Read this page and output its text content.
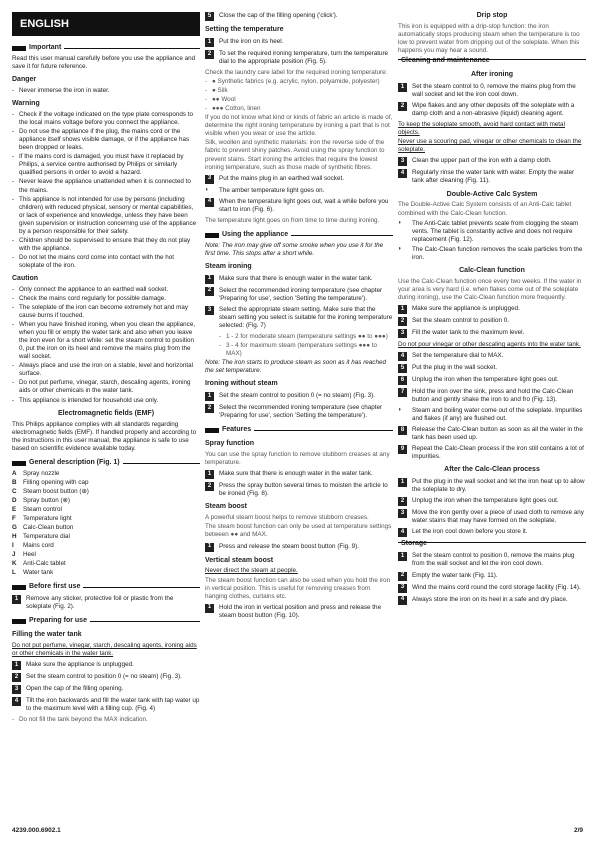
ENGLISH
Important
Read this user manual carefully before you use the appliance and save it for future reference.
Danger
- Never immerse the iron in water.
Warning
- Check if the voltage indicated on the type plate corresponds to the local mains voltage before you connect the appliance.
- Do not use the appliance if the plug, the mains cord or the appliance itself shows visible damage, or if the appliance has been dropped or leaks.
- If the mains cord is damaged, you must have it replaced by Philips, a service centre authorised by Philips or similarly qualified persons in order to avoid a hazard.
- Never leave the appliance unattended when it is connected to the mains.
- This appliance is not intended for use by persons (including children) with reduced physical, sensory or mental capabilities, or lack of experience and knowledge, unless they have been given supervision or instruction concerning use of the appliance by a person responsible for their safety.
- Children should be supervised to ensure that they do not play with the appliance.
- Do not let the mains cord come into contact with the hot soleplate of the iron.
Caution
- Only connect the appliance to an earthed wall socket.
- Check the mains cord regularly for possible damage.
- The soleplate of the iron can become extremely hot and may cause burns if touched.
- When you have finished ironing, when you clean the appliance, when you fill or empty the water tank and also when you leave the iron even for a short while: set the steam control to position 0, put the iron on its heel and remove the mains plug from the wall socket.
- Always place and use the iron on a stable, level and horizontal surface.
- Do not put perfume, vinegar, starch, descaling agents, ironing aids or other chemicals in the water tank.
- This appliance is intended for household use only.
Electromagnetic fields (EMF)
This Philips appliance complies with all standards regarding electromagnetic fields (EMF). If handled properly and according to the instructions in this user manual, the appliance is safe to use based on scientific evidence available today.
General description (Fig. 1)
A	Spray nozzle
B	Filling opening with cap
C	Steam boost button (⊕)
D	Spray button (⊗)
E	Steam control
F	Temperature light
G Calc-Clean button
H	Temperature dial
I	Mains cord
J	Heel
K	Anti-Calc tablet
L	Water tank
Before first use
1	Remove any sticker, protective foil or plastic from the soleplate (Fig. 2).
Preparing for use
Filling the water tank
Do not put perfume, vinegar, starch, descaling agents, ironing aids or other chemicals in the water tank.
1	Make sure the appliance is unplugged.
2	Set the steam control to position 0 (= no steam) (Fig. 3).
3	Open the cap of the filling opening.
4	Tilt the iron backwards and fill the water tank with tap water up to the maximum level with a filling cup. (Fig. 4)
- Do not fill the tank beyond the MAX indication.
5	Close the cap of the filling opening ('click').
Setting the temperature
1	Put the iron on its heel.
2	To set the required ironing temperature, turn the temperature dial to the appropriate position (Fig. 5).
Check the laundry care label for the required ironing temperature:
- ● Synthetic fabrics (e.g. acrylic, nylon, polyamide, polyester)
- ● Silk
- ●● Wool
- ●●● Cotton, linen
If you do not know what kind or kinds of fabric an article is made of, determine the right ironing temperature by ironing a part that is not visible when you wear or use the article.
Silk, woollen and synthetic materials: iron the reverse side of the fabric to prevent shiny patches. Avoid using the spray function to prevent stains. Start ironing the articles that require the lowest ironing temperature, such as those made of synthetic fibres.
3	Put the mains plug in an earthed wall socket.
◗	The amber temperature light goes on.
4	When the temperature light goes out, wait a while before you start to iron (Fig. 6).
The temperature light goes on from time to time during ironing.
Using the appliance
Note: The iron may give off some smoke when you use it for the first time. This stops after a short while.
Steam ironing
1	Make sure that there is enough water in the water tank.
2	Select the recommended ironing temperature (see chapter 'Preparing for use', section 'Setting the temperature').
3	Select the appropriate steam setting. Make sure that the steam setting you select is suitable for the ironing temperature selected: (Fig. 7)
- 1 - 2 for moderate steam (temperature settings ●● to ●●●)
- 3 - 4 for maximum steam (temperature settings ●●● to MAX)
Note: The iron starts to produce steam as soon as it has reached the set temperature.
Ironing without steam
1	Set the steam control to position 0 (= no steam) (Fig. 3).
2	Select the recommended ironing temperature (see chapter 'Preparing for use', section 'Setting the temperature').
Features
Spray function
You can use the spray function to remove stubborn creases at any temperature.
1	Make sure that there is enough water in the water tank.
2	Press the spray button several times to moisten the article to be ironed (Fig. 8).
Steam boost
A powerful steam boost helps to remove stubborn creases.
The steam boost function can only be used at temperature settings between ●● and MAX.
1	Press and release the steam boost button (Fig. 9).
Vertical steam boost
Never direct the steam at people.
The steam boost function can also be used when you hold the iron in vertical position. This is useful for removing creases from hanging clothes, curtains etc.
1	Hold the iron in vertical position and press and release the steam boost button (Fig. 10).
Drip stop
This iron is equipped with a drip-stop function: the iron automatically stops producing steam when the temperature is too low to prevent water from dripping out of the soleplate. When this happens you may hear a sound.
Cleaning and maintenance
After ironing
1	Set the steam control to 0, remove the mains plug from the wall socket and let the iron cool down.
2	Wipe flakes and any other deposits off the soleplate with a damp cloth and a non-abrasive (liquid) cleaning agent.
To keep the soleplate smooth, avoid hard contact with metal objects.
Never use a scouring pad, vinegar or other chemicals to clean the soleplate.
3	Clean the upper part of the iron with a damp cloth.
4	Regularly rinse the water tank with water. Empty the water tank after cleaning (Fig. 11).
Double-Active Calc System
The Double-Active Calc System consists of an Anti-Calc tablet combined with the Calc-Clean function.
◗	The Anti-Calc tablet prevents scale from clogging the steam vents. The tablet is constantly active and does not require replacement (Fig. 12).
◗	The Calc-Clean function removes the scale particles from the iron.
Calc-Clean function
Use the Calc-Clean function once every two weeks. If the water in your area is very hard (i.e. when flakes come out of the soleplate during ironing), use the Calc-Clean function more frequently.
1	Make sure the appliance is unplugged.
2	Set the steam control to position 0.
3	Fill the water tank to the maximum level.
Do not pour vinegar or other descaling agents into the water tank.
4	Set the temperature dial to MAX.
5	Put the plug in the wall socket.
6	Unplug the iron when the temperature light goes out.
7	Hold the iron over the sink, press and hold the Calc-Clean button and gently shake the iron to and fro (Fig. 13).
◗	Steam and boiling water come out of the soleplate. Impurities and flakes (if any) are flushed out.
8	Release the Calc-Clean button as soon as all the water in the tank has been used up.
9	Repeat the Calc-Clean process if the iron still contains a lot of impurities.
After the Calc-Clean process
1	Put the plug in the wall socket and let the iron heat up to allow the soleplate to dry.
2	Unplug the iron when the temperature light goes out.
3	Move the iron gently over a piece of used cloth to remove any water stains that may have formed on the soleplate.
4	Let the iron cool down before you store it.
Storage
1	Set the steam control to position 0, remove the mains plug from the wall socket and let the iron cool down.
2	Empty the water tank (Fig. 11).
3	Wind the mains cord round the cord storage facility (Fig. 14).
4	Always store the iron on its heel in a safe and dry place.
4239.000.6902.1	2/9
